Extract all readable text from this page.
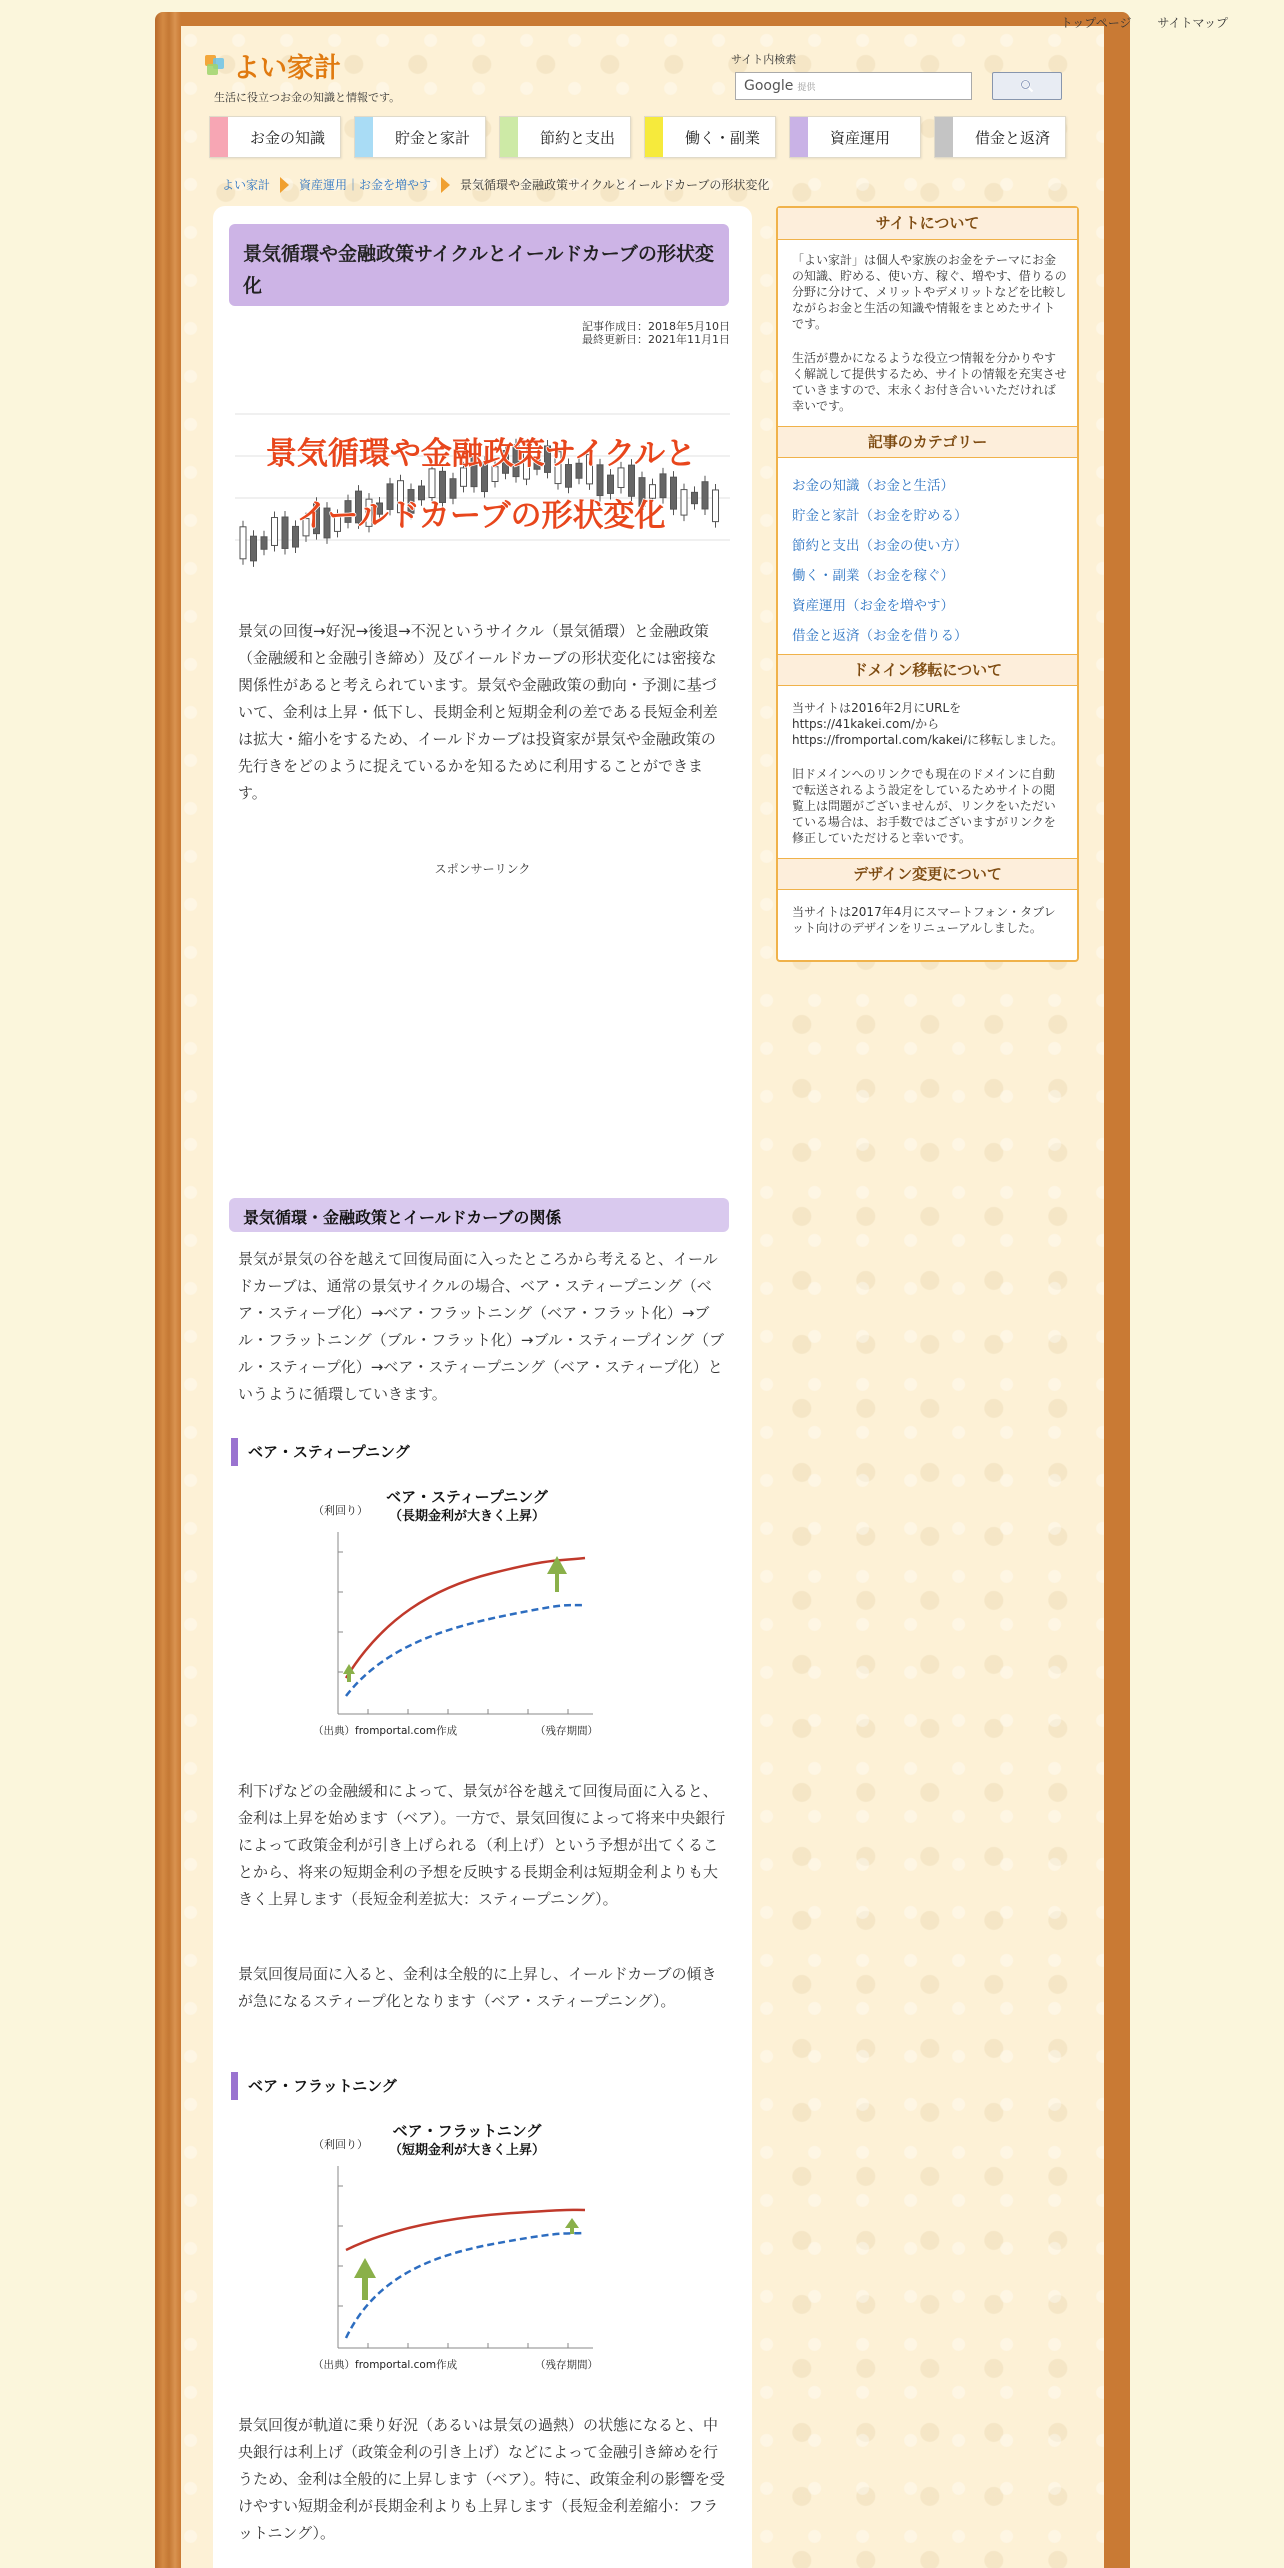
トップページ サイトマップ
よい家計
生活に役立つお金の知識と情報です。
サイト内検索
Google 提供
お金の知識	貯金と家計	節約と支出	働く・副業	資産運用	借金と返済
よい家計 資産運用｜お金を増やす 景気循環や金融政策サイクルとイールドカーブの形状変化
景気循環や金融政策サイクルとイールドカーブの形状変化
記事作成日：2018年5月10日
最終更新日：2021年11月1日
景気循環や金融政策サイクルと
イールドカーブの形状変化
景気の回復→好況→後退→不況というサイクル（景気循環）と金融政策（金融緩和と金融引き締め）及びイールドカーブの形状変化には密接な関係性があると考えられています。景気や金融政策の動向・予測に基づいて、金利は上昇・低下し、長期金利と短期金利の差である長短金利差は拡大・縮小をするため、イールドカーブは投資家が景気や金融政策の先行きをどのように捉えているかを知るために利用することができます。
スポンサーリンク
景気循環・金融政策とイールドカーブの関係
景気が景気の谷を越えて回復局面に入ったところから考えると、イールドカーブは、通常の景気サイクルの場合、ベア・スティープニング（ベア・スティープ化）→ベア・フラットニング（ベア・フラット化）→ブル・フラットニング（ブル・フラット化）→ブル・スティープイング（ブル・スティープ化）→ベア・スティープニング（ベア・スティープ化）というように循環していきます。
ベア・スティープニング
ベア・スティープニング
（長期金利が大きく上昇）
（利回り）
（出典）fromportal.com作成	（残存期間）
利下げなどの金融緩和によって、景気が谷を越えて回復局面に入ると、金利は上昇を始めます（ベア）。一方で、景気回復によって将来中央銀行によって政策金利が引き上げられる（利上げ）という予想が出てくることから、将来の短期金利の予想を反映する長期金利は短期金利よりも大きく上昇します（長短金利差拡大：スティープニング）。
景気回復局面に入ると、金利は全般的に上昇し、イールドカーブの傾きが急になるスティープ化となります（ベア・スティープニング）。
ベア・フラットニング
ベア・フラットニング
（短期金利が大きく上昇）
（利回り）
（出典）fromportal.com作成	（残存期間）
景気回復が軌道に乗り好況（あるいは景気の過熱）の状態になると、中央銀行は利上げ（政策金利の引き上げ）などによって金融引き締めを行うため、金利は全般的に上昇します（ベア）。特に、政策金利の影響を受けやすい短期金利が長期金利よりも上昇します（長短金利差縮小：フラットニング）。
サイトについて
「よい家計」は個人や家族のお金をテーマにお金の知識、貯める、使い方、稼ぐ、増やす、借りるの分野に分けて、メリットやデメリットなどを比較しながらお金と生活の知識や情報をまとめたサイトです。
生活が豊かになるような役立つ情報を分かりやすく解説して提供するため、サイトの情報を充実させていきますので、末永くお付き合いいただければ幸いです。
記事のカテゴリー
お金の知識（お金と生活）
貯金と家計（お金を貯める）
節約と支出（お金の使い方）
働く・副業（お金を稼ぐ）
資産運用（お金を増やす）
借金と返済（お金を借りる）
ドメイン移転について
当サイトは2016年2月にURLをhttps://41kakei.com/からhttps://fromportal.com/kakei/に移転しました。
旧ドメインへのリンクでも現在のドメインに自動で転送されるよう設定をしているためサイトの閲覧上は問題がございませんが、リンクをいただいている場合は、お手数ではございますがリンクを修正していただけると幸いです。
デザイン変更について
当サイトは2017年4月にスマートフォン・タブレット向けのデザインをリニューアルしました。
